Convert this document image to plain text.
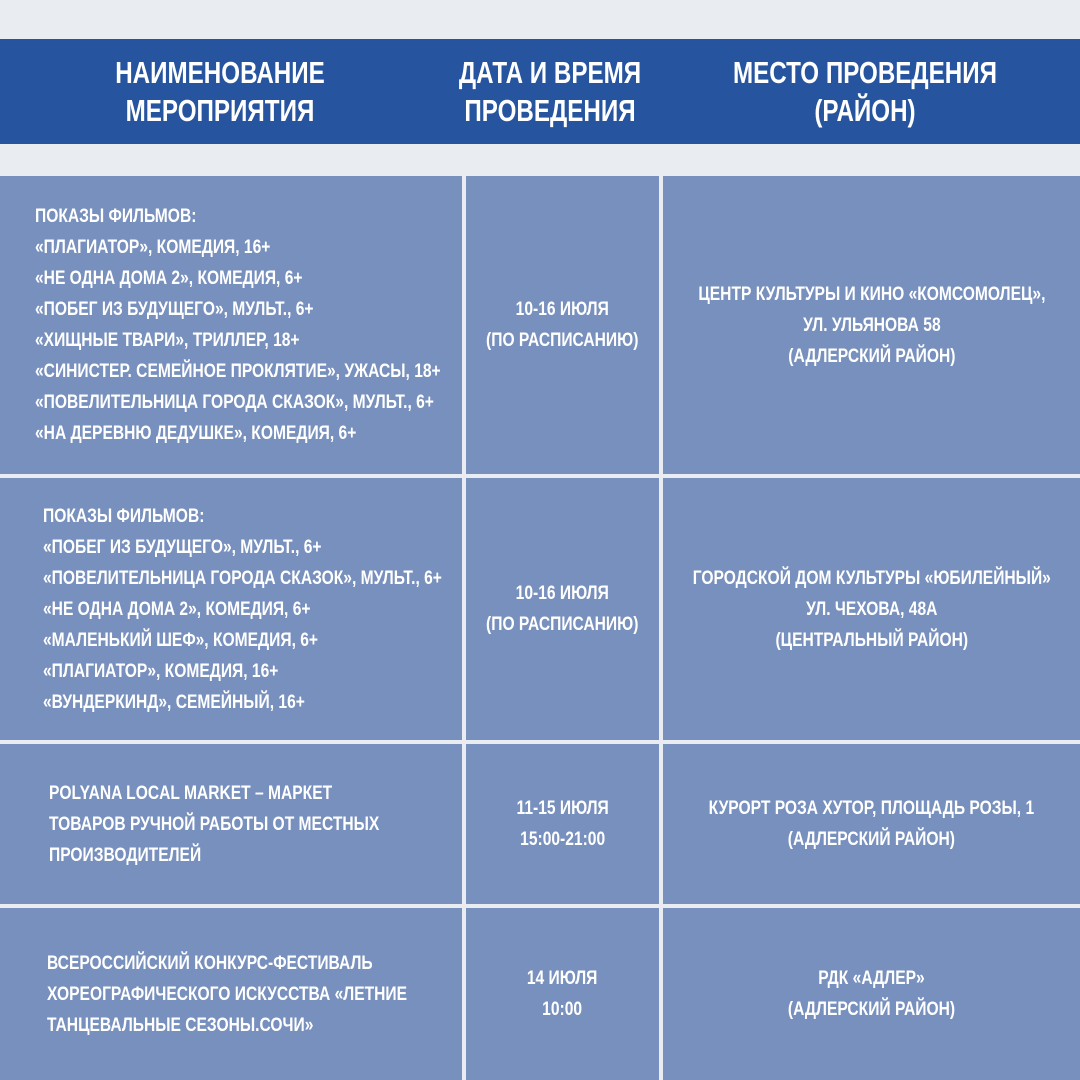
НАИМЕНОВАНИЕ
МЕРОПРИЯТИЯ
ДАТА И ВРЕМЯ
ПРОВЕДЕНИЯ
МЕСТО ПРОВЕДЕНИЯ
(РАЙОН)
ПОКАЗЫ ФИЛЬМОВ:
«ПЛАГИАТОР», КОМЕДИЯ, 16+
«НЕ ОДНА ДОМА 2», КОМЕДИЯ, 6+
«ПОБЕГ ИЗ БУДУЩЕГО», МУЛЬТ., 6+
«ХИЩНЫЕ ТВАРИ», ТРИЛЛЕР, 18+
«СИНИСТЕР. СЕМЕЙНОЕ ПРОКЛЯТИЕ», УЖАСЫ, 18+
«ПОВЕЛИТЕЛЬНИЦА ГОРОДА СКАЗОК», МУЛЬТ., 6+
«НА ДЕРЕВНЮ ДЕДУШКЕ», КОМЕДИЯ, 6+
10-16 ИЮЛЯ
(ПО РАСПИСАНИЮ)
ЦЕНТР КУЛЬТУРЫ И КИНО «КОМСОМОЛЕЦ»,
УЛ. УЛЬЯНОВА 58
(АДЛЕРСКИЙ РАЙОН)
ПОКАЗЫ ФИЛЬМОВ:
«ПОБЕГ ИЗ БУДУЩЕГО», МУЛЬТ., 6+
«ПОВЕЛИТЕЛЬНИЦА ГОРОДА СКАЗОК», МУЛЬТ., 6+
«НЕ ОДНА ДОМА 2», КОМЕДИЯ, 6+
«МАЛЕНЬКИЙ ШЕФ», КОМЕДИЯ, 6+
«ПЛАГИАТОР», КОМЕДИЯ, 16+
«ВУНДЕРКИНД», СЕМЕЙНЫЙ, 16+
10-16 ИЮЛЯ
(ПО РАСПИСАНИЮ)
ГОРОДСКОЙ ДОМ КУЛЬТУРЫ «ЮБИЛЕЙНЫЙ»
УЛ. ЧЕХОВА, 48А
(ЦЕНТРАЛЬНЫЙ РАЙОН)
POLYANA LOCAL MARKET – МАРКЕТ
ТОВАРОВ РУЧНОЙ РАБОТЫ ОТ МЕСТНЫХ
ПРОИЗВОДИТЕЛЕЙ
11-15 ИЮЛЯ
15:00-21:00
КУРОРТ РОЗА ХУТОР, ПЛОЩАДЬ РОЗЫ, 1
(АДЛЕРСКИЙ РАЙОН)
ВСЕРОССИЙСКИЙ КОНКУРС-ФЕСТИВАЛЬ
ХОРЕОГРАФИЧЕСКОГО ИСКУССТВА «ЛЕТНИЕ
ТАНЦЕВАЛЬНЫЕ СЕЗОНЫ.СОЧИ»
14 ИЮЛЯ
10:00
РДК «АДЛЕР»
(АДЛЕРСКИЙ РАЙОН)
